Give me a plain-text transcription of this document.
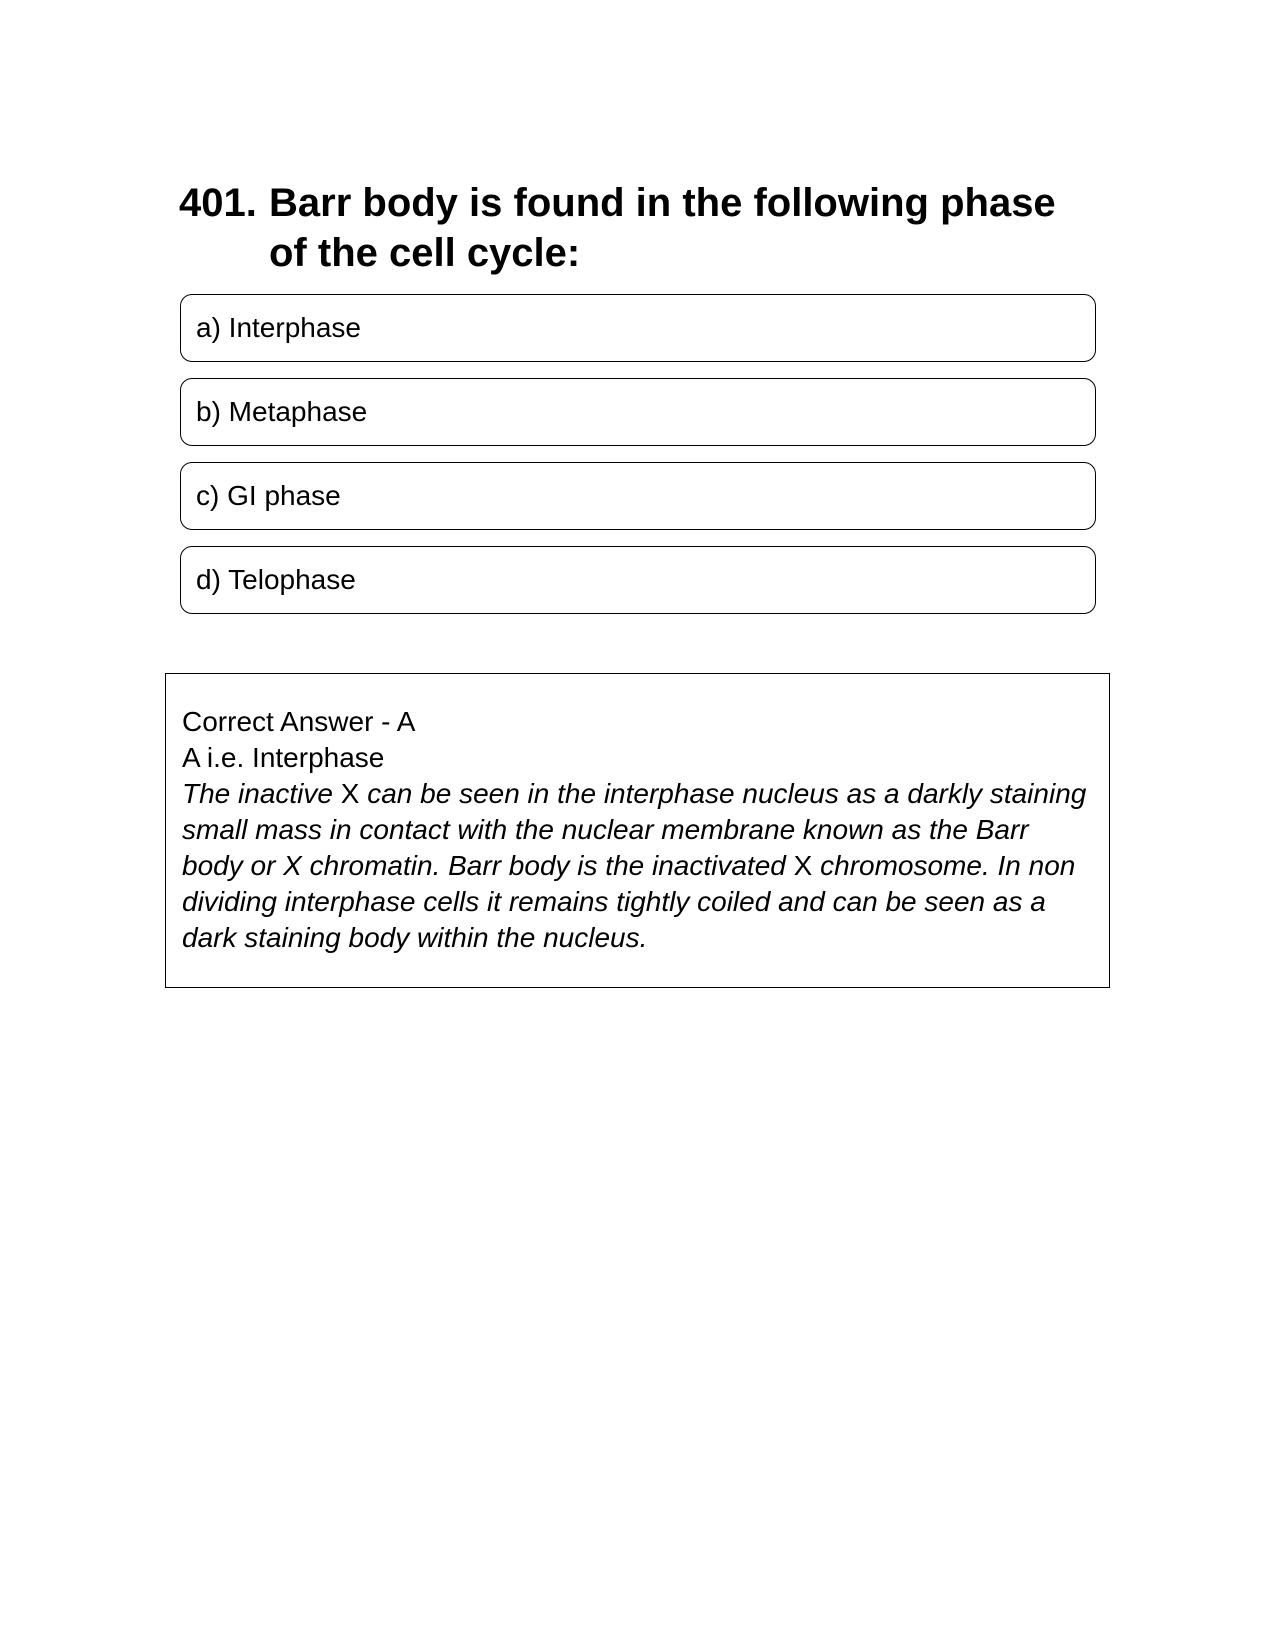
401. Barr body is found in the following phase of the cell cycle:
a) Interphase
b) Metaphase
c) GI phase
d) Telophase
Correct Answer - A
A i.e. Interphase
The inactive X can be seen in the interphase nucleus as a darkly staining small mass in contact with the nuclear membrane known as the Barr body or X chromatin. Barr body is the inactivated X chromosome. In non dividing interphase cells it remains tightly coiled and can be seen as a dark staining body within the nucleus.
